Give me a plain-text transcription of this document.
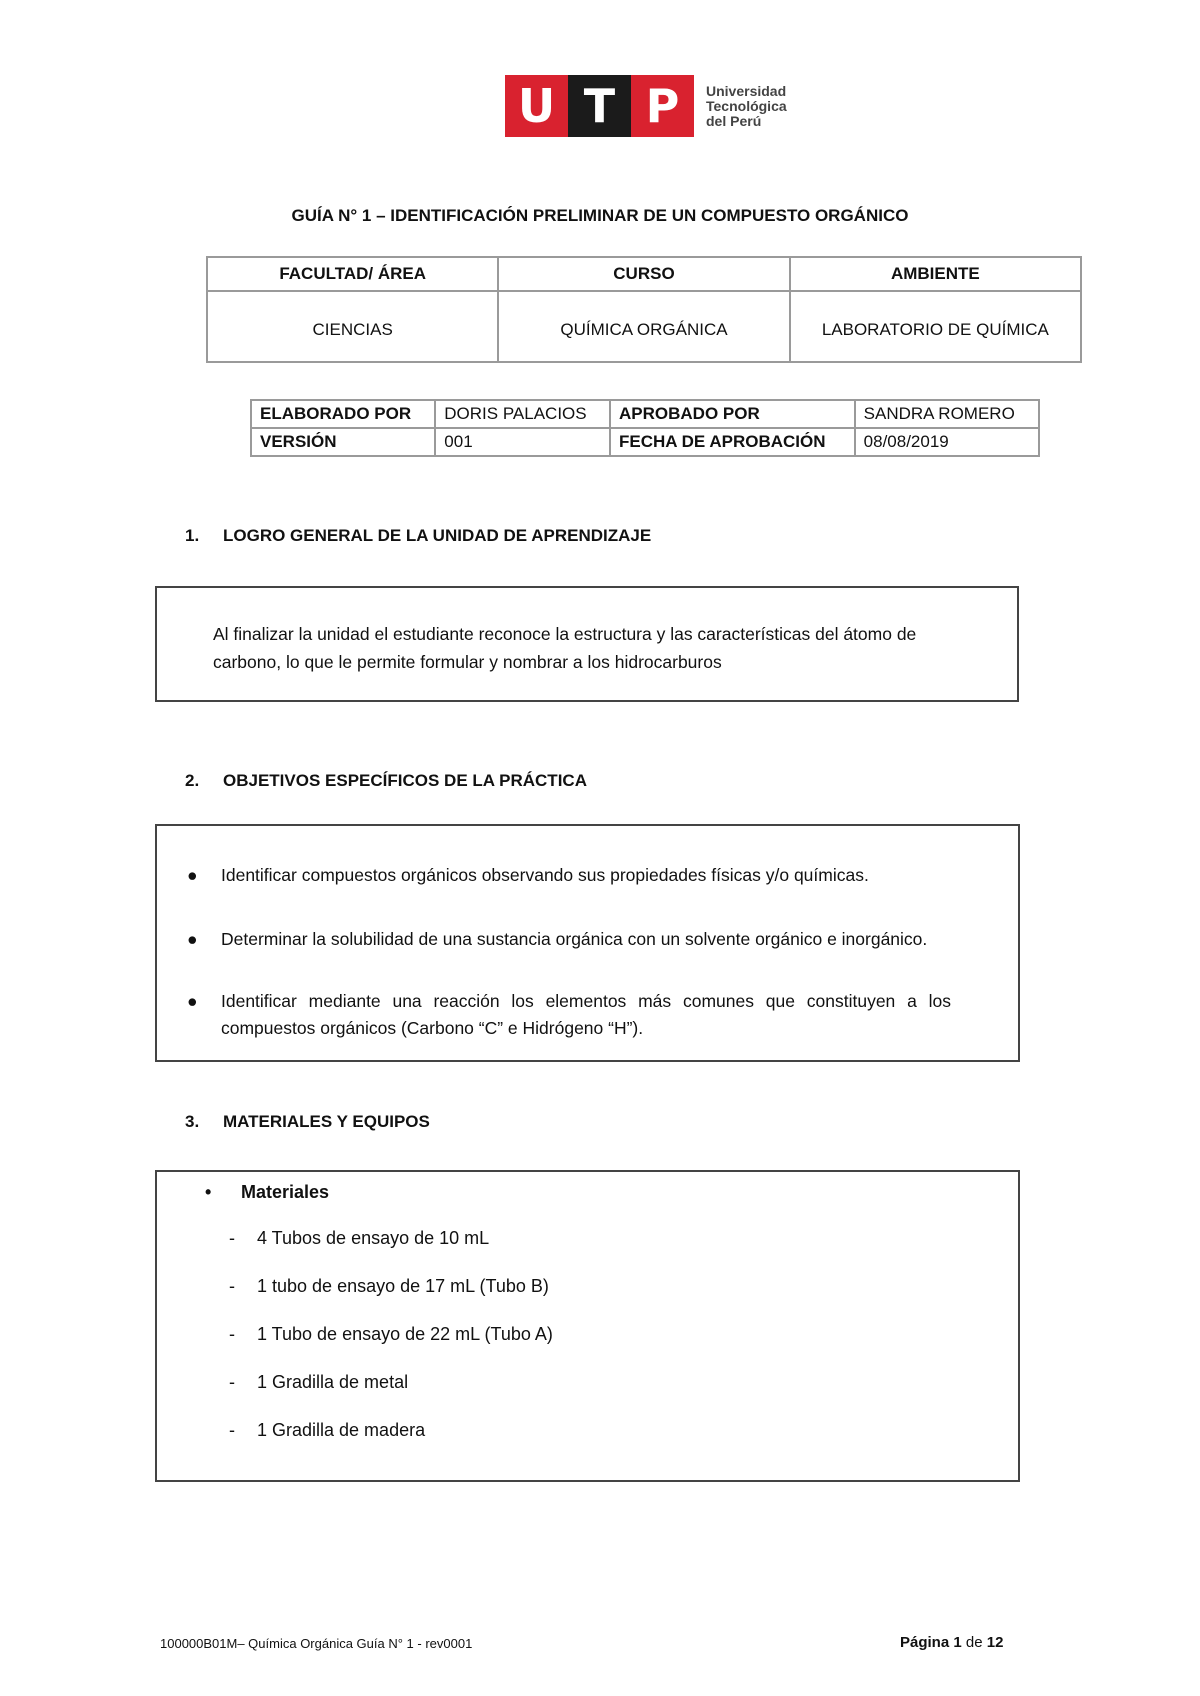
U T P	Universidad
Tecnológica
del Perú
GUÍA N° 1 – IDENTIFICACIÓN PRELIMINAR DE UN COMPUESTO ORGÁNICO
FACULTAD/ ÁREA	CURSO	AMBIENTE
CIENCIAS	QUÍMICA ORGÁNICA	LABORATORIO DE QUÍMICA
ELABORADO POR	DORIS PALACIOS	APROBADO POR	SANDRA ROMERO
VERSIÓN	001	FECHA DE APROBACIÓN	08/08/2019
1. LOGRO GENERAL DE LA UNIDAD DE APRENDIZAJE

Al finalizar la unidad el estudiante reconoce la estructura y las características del átomo de carbono, lo que le permite formular y nombrar a los hidrocarburos

2. OBJETIVOS ESPECÍFICOS DE LA PRÁCTICA
● Identificar compuestos orgánicos observando sus propiedades físicas y/o químicas.
● Determinar la solubilidad de una sustancia orgánica con un solvente orgánico e inorgánico.
● Identificar mediante una reacción los elementos más comunes que constituyen a los compuestos orgánicos (Carbono “C” e Hidrógeno “H”).
3. MATERIALES Y EQUIPOS
• Materiales
- 4 Tubos de ensayo de 10 mL
- 1 tubo de ensayo de 17 mL (Tubo B)
- 1 Tubo de ensayo de 22 mL (Tubo A)
- 1 Gradilla de metal
- 1 Gradilla de madera
100000B01M– Química Orgánica Guía N° 1 - rev0001	Página 1 de 12
